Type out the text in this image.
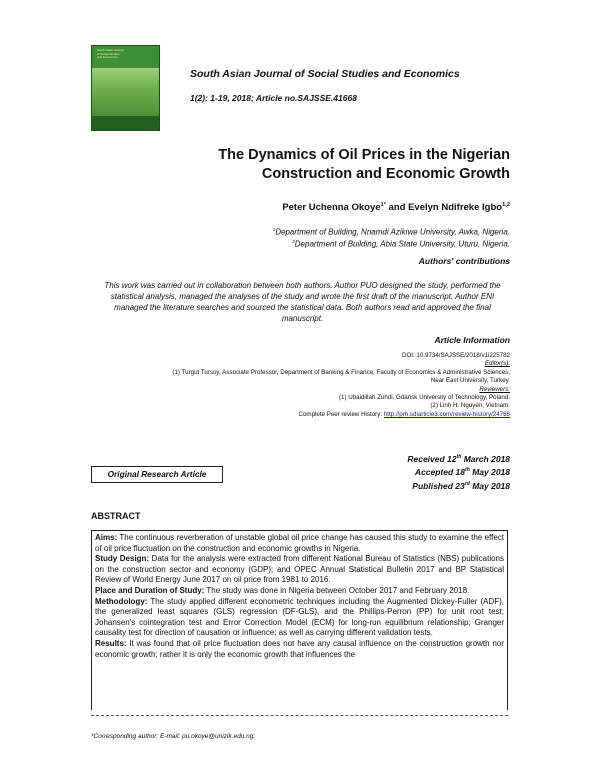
South Asian Journal
of Social Studies
and Economics
South Asian Journal of Social Studies and Economics
1(2): 1-19, 2018; Article no.SAJSSE.41668
The Dynamics of Oil Prices in the Nigerian
Construction and Economic Growth
Peter Uchenna Okoye$^{1*}$ and Evelyn Ndifreke Igbo$^{1,2}$
$^1$Department of Building, Nnamdi Azikiwe University, Awka, Nigeria.
$^2$Department of Building, Abia State University, Uturu, Nigeria.
Authors' contributions
This work was carried out in collaboration between both authors. Author PUO designed the study, performed the statistical analysis, managed the analyses of the study and wrote the first draft of the manuscript. Author ENI managed the literature searches and sourced the statistical data. Both authors read and approved the final manuscript.
Article Information
DOI: 10.9734/SAJSSE/2018/v1i225782
Editor(s):
(1) Turgut Tursoy, Associate Professor, Department of Banking & Finance, Faculty of Economics & Administrative Sciences,
Near East University, Turkey.
Reviewers:
(1) Ubaidillah Zuhdi, Gdańsk University of Technology, Poland.
(2) Linh H. Nguyen, Vietnam.
Complete Peer review History: http://prh.sdiarticle3.com/review-history/24766
Original Research Article
Received 12th March 2018
Accepted 18th May 2018
Published 23rd May 2018
ABSTRACT
Aims: The continuous reverberation of unstable global oil price change has caused this study to examine the effect of oil price fluctuation on the construction and economic growths in Nigeria.
Study Design: Data for the analysis were extracted from different National Bureau of Statistics (NBS) publications on the construction sector and economy (GDP); and OPEC Annual Statistical Bulletin 2017 and BP Statistical Review of World Energy June 2017 on oil price from 1981 to 2016.
Place and Duration of Study: The study was done in Nigeria between October 2017 and February 2018.
Methodology: The study applied different econometric techniques including the Augmented Dickey-Fuller (ADF), the generalized least squares (GLS) regression (DF-GLS), and the Phillips-Perron (PP) for unit root test; Johansen's cointegration test and Error Correction Model (ECM) for long-run equilibrium relationship; Granger causality test for direction of causation or influence; as well as carrying different validation tests.
Results: It was found that oil price fluctuation does not have any causal influence on the construction growth nor economic growth; rather it is only the economic growth that influences the
*Corresponding author: E-mail: pu.okoye@unizik.edu.ng;
